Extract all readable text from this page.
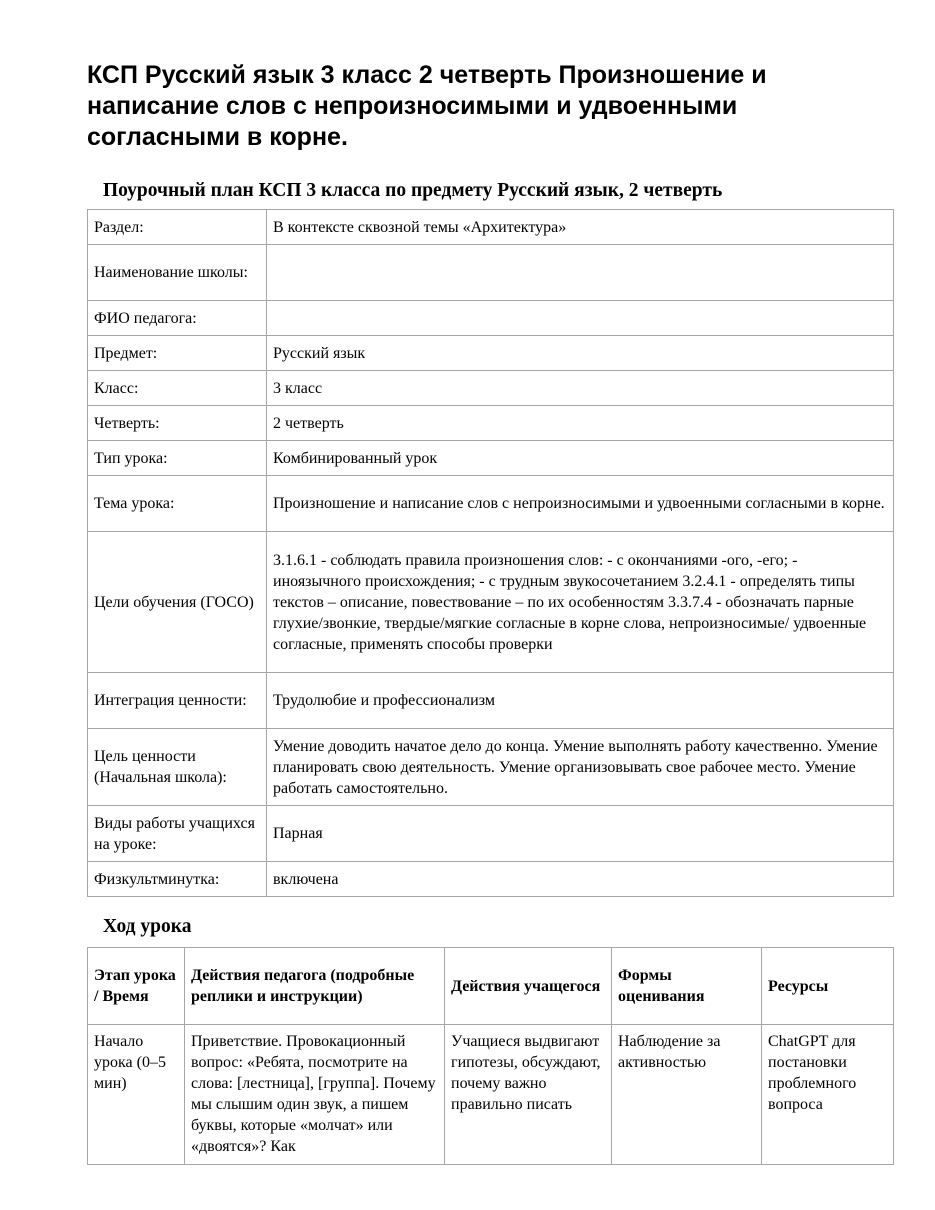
КСП Русский язык 3 класс 2 четверть Произношение и написание слов с непроизносимыми и удвоенными согласными в корне.
Поурочный план КСП 3 класса по предмету Русский язык, 2 четверть
Раздел:	В контексте сквозной темы «Архитектура»
Наименование школы:	
ФИО педагога:	
Предмет:	Русский язык
Класс:	3 класс
Четверть:	2 четверть
Тип урока:	Комбинированный урок
Тема урока:	Произношение и написание слов с непроизносимыми и удвоенными согласными в корне.
Цели обучения (ГОСО)	3.1.6.1 - соблюдать правила произношения слов: - с окончаниями -ого, -его; - иноязычного происхождения; - с трудным звукосочетанием 3.2.4.1 - определять типы текстов – описание, повествование – по их особенностям 3.3.7.4 - обозначать парные глухие/звонкие, твердые/мягкие согласные в корне слова, непроизносимые/ удвоенные согласные, применять способы проверки
Интеграция ценности:	Трудолюбие и профессионализм
Цель ценности (Начальная школа):	Умение доводить начатое дело до конца. Умение выполнять работу качественно. Умение планировать свою деятельность. Умение организовывать свое рабочее место. Умение работать самостоятельно.
Виды работы учащихся на уроке:	Парная
Физкультминутка:	включена
Ход урока
Этап урока / Время	Действия педагога (подробные реплики и инструкции)	Действия учащегося	Формы оценивания	Ресурсы
Начало урока (0–5 мин)	Приветствие. Провокационный вопрос: «Ребята, посмотрите на слова: [лестница], [группа]. Почему мы слышим один звук, а пишем буквы, которые «молчат» или «двоятся»? Как	Учащиеся выдвигают гипотезы, обсуждают, почему важно правильно писать	Наблюдение за активностью	ChatGPT для постановки проблемного вопроса
